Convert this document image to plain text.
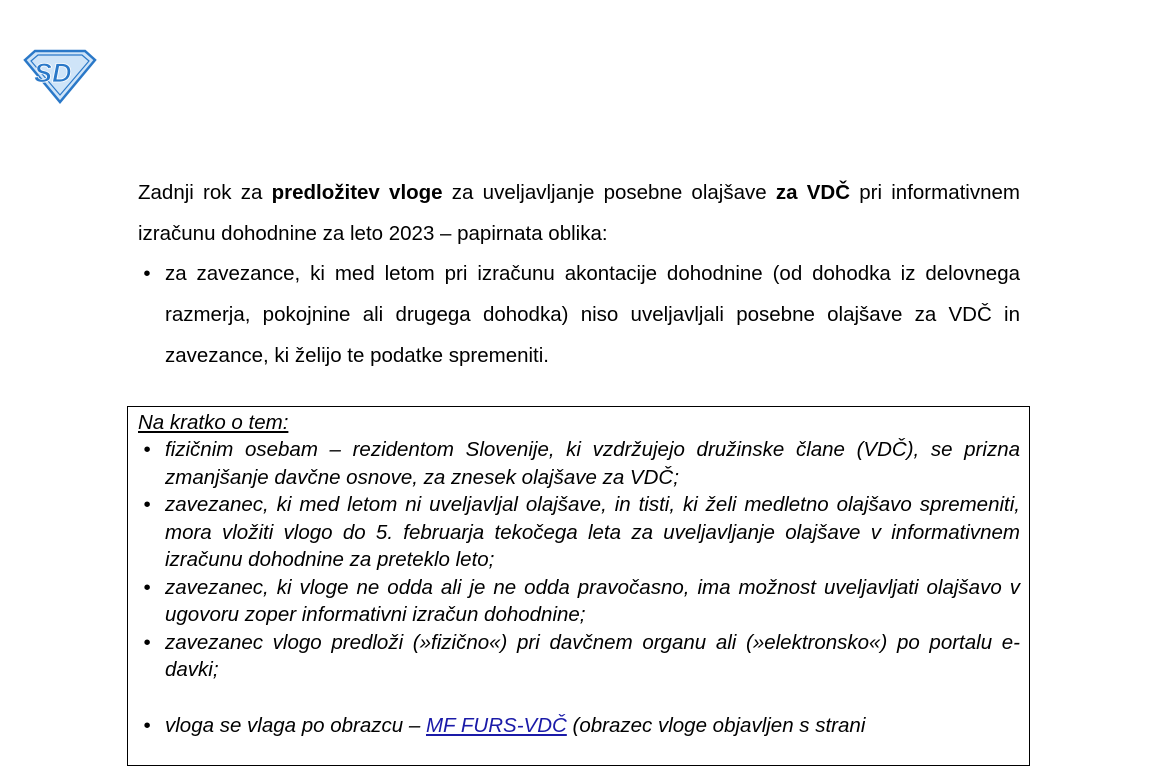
SD
Zadnji rok za predložitev vloge za uveljavljanje posebne olajšave za VDČ pri informativnem izračunu dohodnine za leto 2023 – papirnata oblika:
• za zavezance, ki med letom pri izračunu akontacije dohodnine (od dohodka iz delovnega razmerja, pokojnine ali drugega dohodka) niso uveljavljali posebne olajšave za VDČ in zavezance, ki želijo te podatke spremeniti.
Na kratko o tem:
• fizičnim osebam – rezidentom Slovenije, ki vzdržujejo družinske člane (VDČ), se prizna zmanjšanje davčne osnove, za znesek olajšave za VDČ;
• zavezanec, ki med letom ni uveljavljal olajšave, in tisti, ki želi medletno olajšavo spremeniti, mora vložiti vlogo do 5. februarja tekočega leta za uveljavljanje olajšave v informativnem izračunu dohodnine za preteklo leto;
• zavezanec, ki vloge ne odda ali je ne odda pravočasno, ima možnost uveljavljati olajšavo v ugovoru zoper informativni izračun dohodnine;
• zavezanec vlogo predloži (»fizično«) pri davčnem organu ali (»elektronsko«) po portalu e-davki;
• vloga se vlaga po obrazcu – MF FURS-VDČ (obrazec vloge objavljen s strani
